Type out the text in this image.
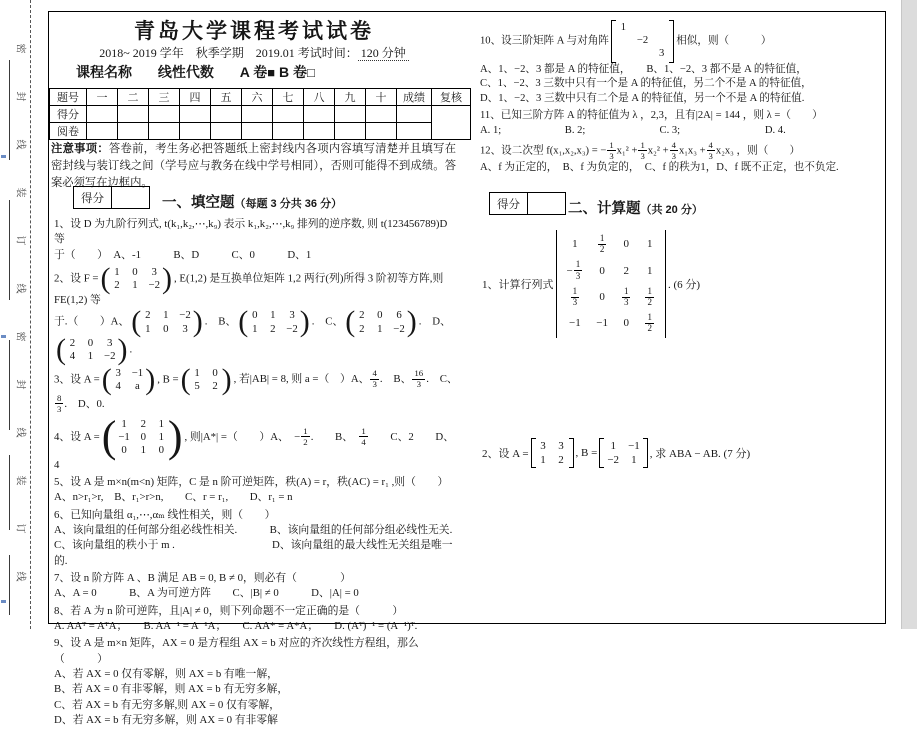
密
封
线
装
订
线
密
封
线
装
订
线
青岛大学课程考试试卷
2018~ 2019 学年　秋季学期　2019.01 考试时间： 120 分钟
课程名称 线性代数 A 卷■ B 卷□
题号	一	二	三	四	五	六	七	八	九	十	成绩	复核
得分												
阅卷												
注意事项：答卷前，考生务必把答题纸上密封线内各项内容填写清楚并且填写在密封线与装订线之间（学号应与教务在线中学号相同），否则可能得不到成绩。答案必须写在边框内。
得分		一、填空题（每题 3 分共 36 分）

1、设 D 为九阶行列式, t(k₁,k₂,⋯,k₉) 表示 k₁,k₂,⋯,k₉ 排列的逆序数, 则 t(123456789)D 等

于（　　）　A、-1　　　B、D　　　C、0　　　D、1

2、设 F = ( 1 0 3
2 1 −2 ) , E(1,2) 是互换单位矩阵 1,2 两行(列)所得 3 阶初等方阵,则 FE(1,2) 等

于.（　　）A、 ( 2 1 −2
1 0 3 ) .　B、 ( 0 1 3
1 2 −2 ) .　C、 ( 2 0 6
2 1 −2 ) .　D、
( 2 0 3
4 1 −2 ) .

3、设 A = ( 3 −1
4 a ) , B = ( 1 0
5 2 ) , 若|AB| = 8, 则 a =（　）A、 $\frac{4}{3}$ .　B、 $\frac{16}{3}$ .　C、
$\frac{8}{3}$ .　D、0.

4、设 A = ( 1 2 1
−1 0 1
0 1 0 ) , 则|A*| =（　　）A、　− $\frac{1}{2}$ .　　B、　 $\frac{1}{4}$ 　　C、2　　D、4

5、设 A 是 m×n(m<n) 矩阵，C 是 n 阶可逆矩阵，秩(A) = r，秩(AC) = r₁ ,则（　　）

A、n>r₁>r,　B、r₁>r>n,　　C、r = r₁,　　D、r₁ = n

6、已知向量组 α₁,⋯,αₘ 线性相关，则（　　）

A、该向量组的任何部分组必线性相关.　　　B、该向量组的任何部分组必线性无关.

C、该向量组的秩小于 m .　　　　　　　　　D、该向量组的最大线性无关组是唯一的.

7、设 n 阶方阵 A 、B 满足 AB = 0, B ≠ 0，则必有（　　　　）

A、A = 0　　　B、A 为可逆方阵　　C、|B| ≠ 0　　　D、|A| = 0

8、若 A 为 n 阶可逆阵，且|A| ≠ 0，则下列命题不一定正确的是（　　　）

A. AAᵀ = AᵀA；　　B. AA⁻¹ = A⁻¹A；　　C. AA* = A*A；　　D. (Aᵀ)⁻¹ = (A⁻¹)ᵀ.

9、设 A 是 m×n 矩阵，AX = 0 是方程组 AX = b 对应的齐次线性方程组，那么（　　　）

A、若 AX = 0 仅有零解，则 AX = b 有唯一解，

B、若 AX = 0 有非零解，则 AX = b 有无穷多解，

C、若 AX = b 有无穷多解,则 AX = 0 仅有零解，

D、若 AX = b 有无穷多解，则 AX = 0 有非零解

10、设三阶矩阵 A 与对角阵
1
−2
3
相似，则（　　　）

A、1、−2、3 都是 A 的特征值，　　B、1、−2、3 都不是 A 的特征值，

C、1、−2、3 三数中只有一个是 A 的特征值，另二个不是 A 的特征值，

D、1、−2、3 三数中只有二个是 A 的特征值，另一个不是 A 的特征值.

11、已知三阶方阵 A 的特征值为 λ ，2,3，且有|2A| = 144 ，则 λ =（　　）

A. 1;　　　　　　B. 2;　　　　　　　C. 3;　　　　　　　　D. 4.

12、设二次型 f(x₁,x₂,x₃) = − $\frac{1}{3} x_1^2 + \frac{1}{3} x_2^2 + \frac{4}{3} x_1x_3 + \frac{4}{3} x_2x_3$ ，则（　　）

A、f 为正定的，　B、f 为负定的，　C、f 的秩为1，D、f 既不正定，也不负定.

得分		二、计算题（共 20 分）
1、计算行列式
$1 \frac{1}{2} 0$ 1
− $\frac{1}{3} 0$ 2 1
$\frac{1}{3} 0 \frac{1}{3} \frac{1}{2}$
−1 −1 $0 \frac{1}{2}$
. (6 分)
2、设 A =
3 3
1 2
, B =
1 −1
−2 1 , 求 ABA − AB. (7 分)
